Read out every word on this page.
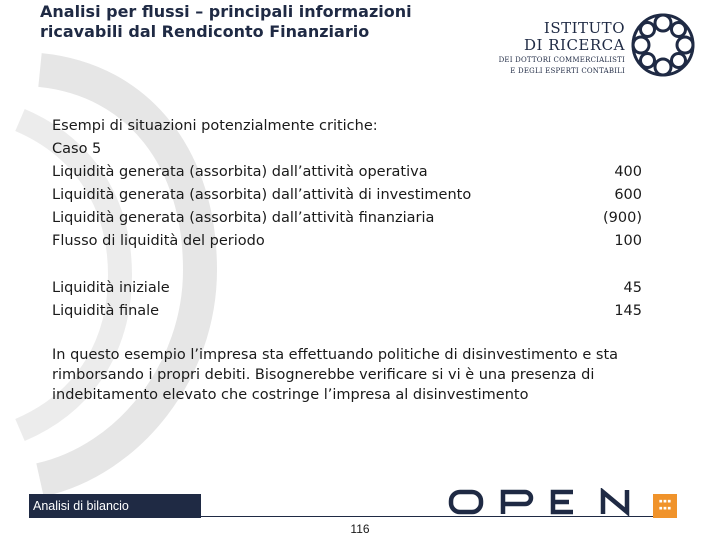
Analisi per flussi – principali informazioni
ricavabili dal Rendiconto Finanziario	ISTITUTO
DI RICERCA
DEI DOTTORI COMMERCIALISTI
E DEGLI ESPERTI CONTABILI
Esempi di situazioni potenzialmente critiche:
Caso 5
Liquidità generata (assorbita) dall’attività operativa	400
Liquidità generata (assorbita) dall’attività di investimento	600
Liquidità generata (assorbita) dall’attività finanziaria	(900)
Flusso di liquidità del periodo	100
Liquidità iniziale	45
Liquidità finale	145
In questo esempio l’impresa sta effettuando politiche di disinvestimento e sta rimborsando i propri debiti. Bisognerebbe verificare si vi è una presenza di indebitamento elevato che costringe l’impresa al disinvestimento
Analisi di bilancio	▪▪▪
▪▪▪
116
